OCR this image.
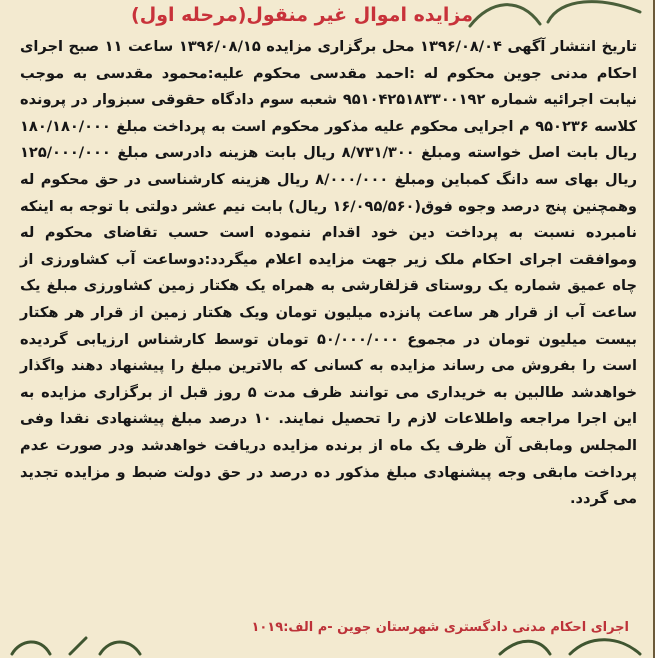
مزایده اموال غیر منقول(مرحله اول)

تاریخ انتشار آگهی ۱۳۹۶/۰۸/۰۴ محل برگزاری مزایده ۱۳۹۶/۰۸/۱۵ ساعت ۱۱ صبح اجرای احکام مدنی جوین محکوم له :احمد مقدسی محکوم علیه:محمود مقدسی به موجب نیابت اجرائیه شماره ۹۵۱۰۴۲۵۱۸۳۳۰۰۱۹۲ شعبه سوم دادگاه حقوقی سبزوار در پرونده کلاسه ۹۵۰۲۳۶ م اجرایی محکوم علیه مذکور محکوم است به پرداخت مبلغ ۱۸۰/۱۸۰/۰۰۰ ریال بابت اصل خواسته ومبلغ ۸/۷۳۱/۳۰۰ ریال بابت هزینه دادرسی مبلغ ۱۲۵/۰۰۰/۰۰۰ ریال بهای سه دانگ کمباین ومبلغ ۸/۰۰۰/۰۰۰ ریال هزینه کارشناسی در حق محکوم له وهمچنین پنج درصد وجوه فوق(۱۶/۰۹۵/۵۶۰ ریال) بابت نیم عشر دولتی با توجه به اینکه نامبرده نسبت به پرداخت دین خود اقدام ننموده است حسب تقاضای محکوم له وموافقت اجرای احکام ملک زیر جهت مزایده اعلام میگردد:دوساعت آب کشاورزی از چاه عمیق شماره یک روستای قزلقارشی به همراه یک هکتار زمین کشاورزی مبلغ یک ساعت آب از قرار هر ساعت پانزده میلیون تومان ویک هکتار زمین از قرار هر هکتار بیست میلیون تومان در مجموع ۵۰/۰۰۰/۰۰۰ تومان توسط کارشناس ارزیابی گردیده است را بفروش می رساند مزایده به کسانی که بالاترین مبلغ را پیشنهاد دهند واگذار خواهدشد طالبین به خریداری می توانند ظرف مدت ۵ روز قبل از برگزاری مزایده به این اجرا مراجعه واطلاعات لازم را تحصیل نمایند. ۱۰ درصد مبلغ پیشنهادی نقدا وفی المجلس ومابقی آن ظرف یک ماه از برنده مزایده دریافت خواهدشد ودر صورت عدم پرداخت مابقی وجه پیشنهادی مبلغ مذکور ده درصد در حق دولت ضبط و مزایده تجدید می گردد.

اجرای احکام مدنی دادگستری شهرستان جوین -م الف:۱۰۱۹
